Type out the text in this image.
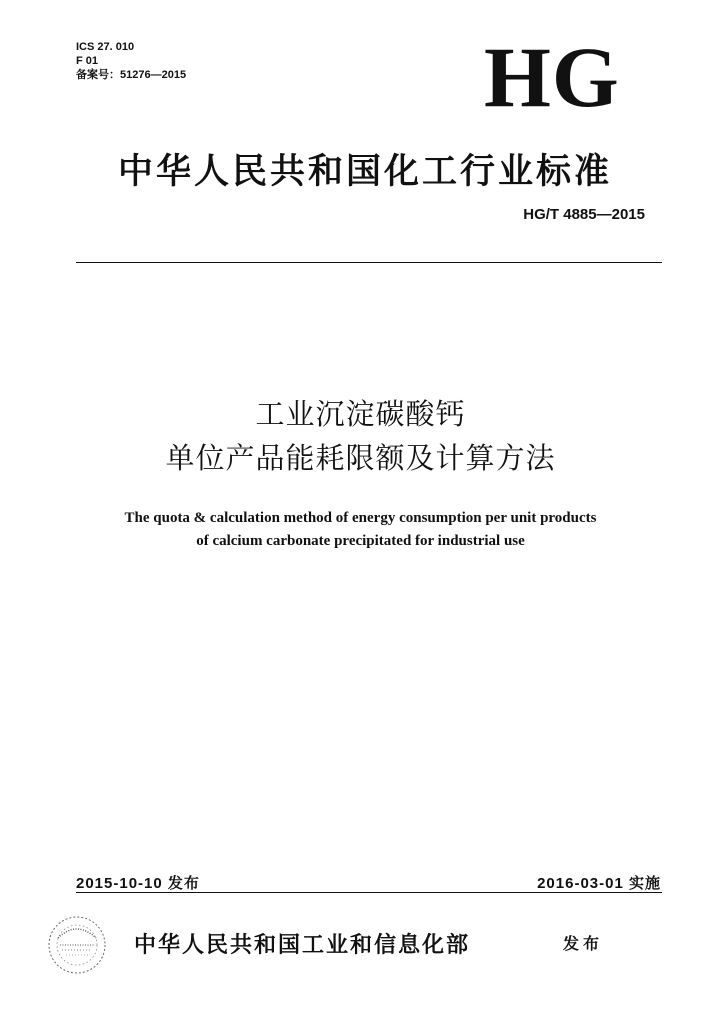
ICS 27. 010
F 01
备案号：51276—2015	HG
中华人民共和国化工行业标准
HG/T 4885—2015
工业沉淀碳酸钙
单位产品能耗限额及计算方法
The quota & calculation method of energy consumption per unit products
of calcium carbonate precipitated for industrial use
2015-10-10 发布	2016-03-01 实施
中华人民共和国工业和信息化部	发布
